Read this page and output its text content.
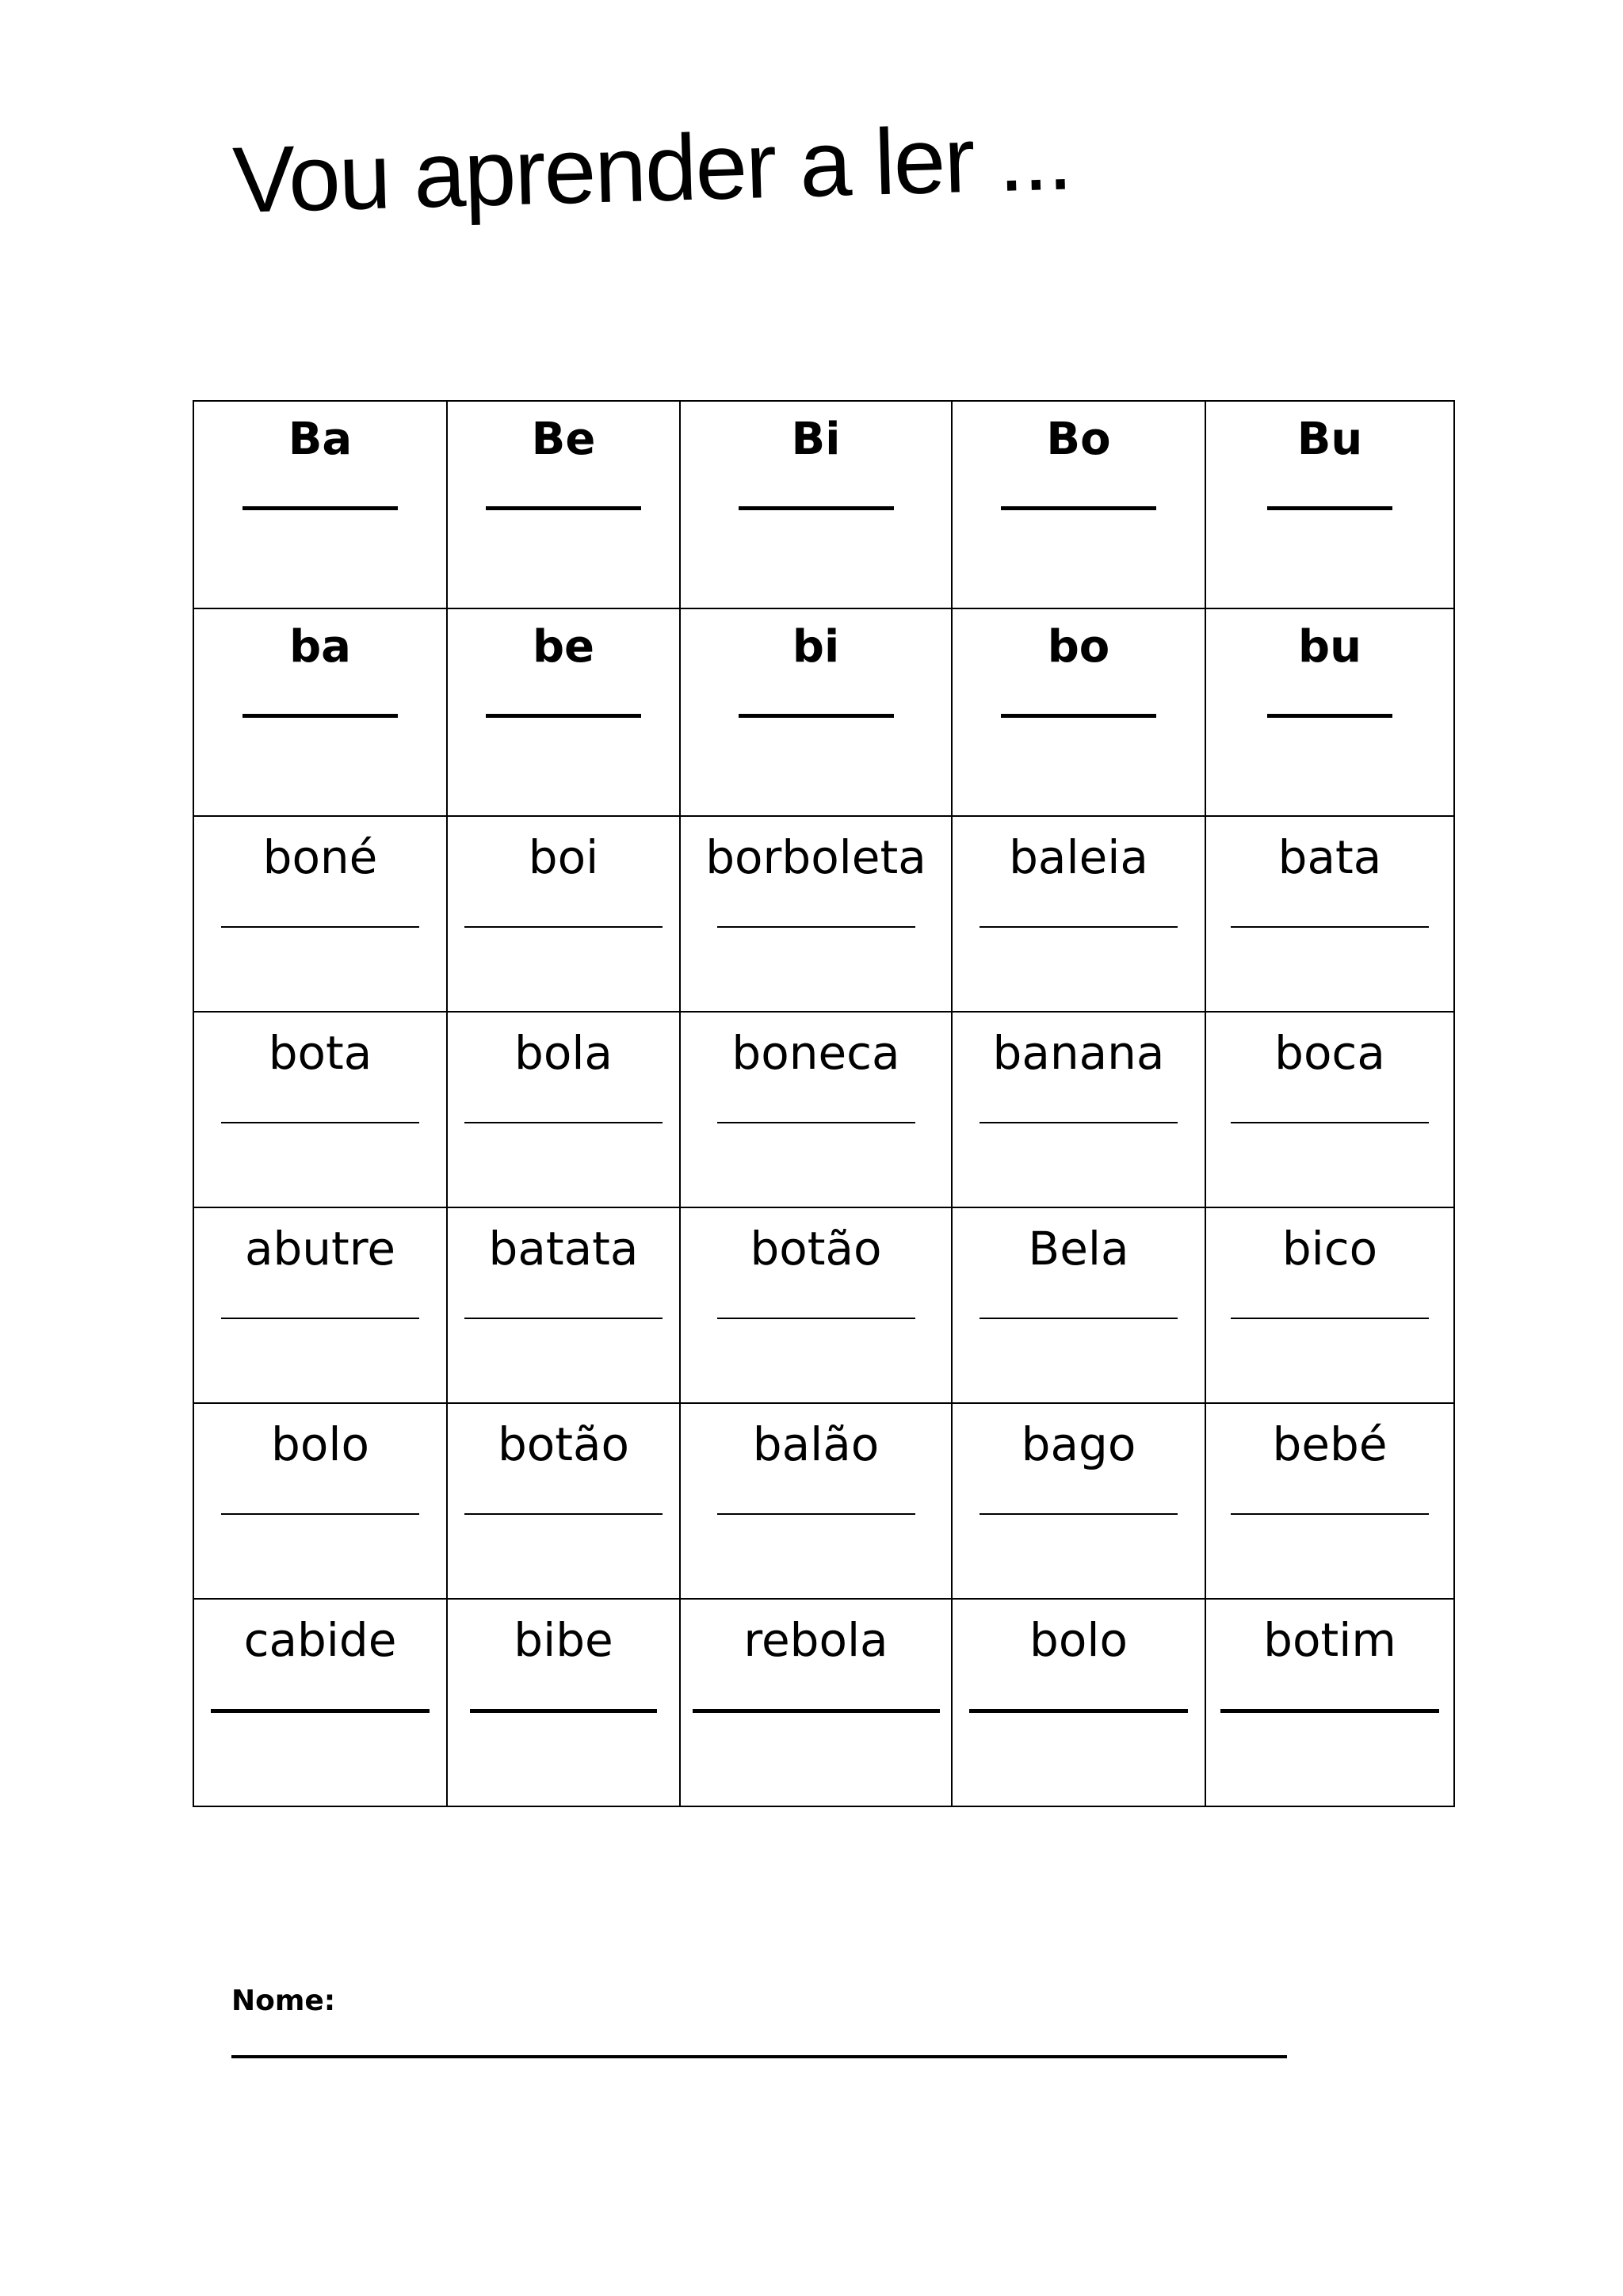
Vou aprender a ler ...
Ba	Be	Bi	Bo	Bu

ba	be	bi	bo	bu

boné	boi	borboleta	baleia	bata

bota	bola	boneca	banana	boca

abutre	batata	botão	Bela	bico

bolo	botão	balão	bago	bebé

cabide	bibe	rebola	bolo	botim
Nome:
